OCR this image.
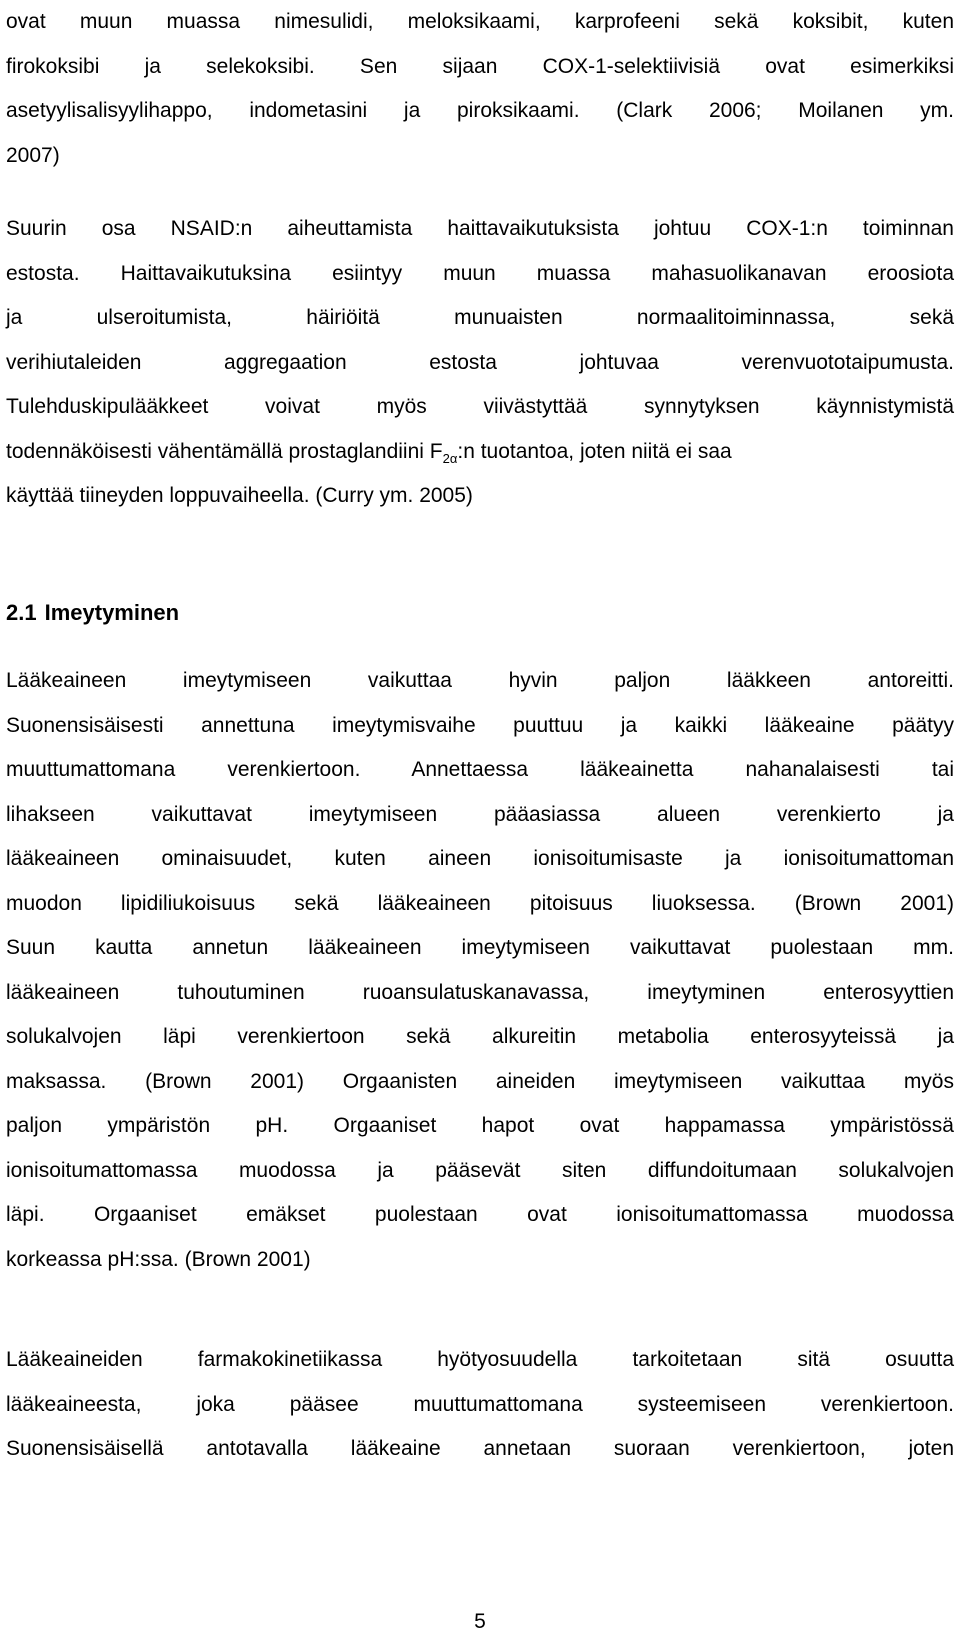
ovat muun muassa nimesulidi, meloksikaami, karprofeeni sekä koksibit, kuten
firokoksibi ja selekoksibi. Sen sijaan COX-1-selektiivisiä ovat esimerkiksi
asetyylisalisyylihappo, indometasini ja piroksikaami. (Clark 2006; Moilanen ym.
2007)
Suurin osa NSAID:n aiheuttamista haittavaikutuksista johtuu COX-1:n toiminnan
estosta. Haittavaikutuksina esiintyy muun muassa mahasuolikanavan eroosiota
ja ulseroitumista, häiriöitä munuaisten normaalitoiminnassa, sekä
verihiutaleiden aggregaation estosta johtuvaa verenvuototaipumusta.
Tulehduskipulääkkeet voivat myös viivästyttää synnytyksen käynnistymistä
todennäköisesti vähentämällä prostaglandiini $F_{2\alpha}:n$ tuotantoa, joten niitä ei saa
käyttää tiineyden loppuvaiheella. (Curry ym. 2005)
2.1 Imeytyminen
Lääkeaineen imeytymiseen vaikuttaa hyvin paljon lääkkeen antoreitti.
Suonensisäisesti annettuna imeytymisvaihe puuttuu ja kaikki lääkeaine päätyy
muuttumattomana verenkiertoon. Annettaessa lääkeainetta nahanalaisesti tai
lihakseen vaikuttavat imeytymiseen pääasiassa alueen verenkierto ja
lääkeaineen ominaisuudet, kuten aineen ionisoitumisaste ja ionisoitumattoman
muodon lipidiliukoisuus sekä lääkeaineen pitoisuus liuoksessa. (Brown 2001)
Suun kautta annetun lääkeaineen imeytymiseen vaikuttavat puolestaan mm.
lääkeaineen tuhoutuminen ruoansulatuskanavassa, imeytyminen enterosyyttien
solukalvojen läpi verenkiertoon sekä alkureitin metabolia enterosyyteissä ja
maksassa. (Brown 2001) Orgaanisten aineiden imeytymiseen vaikuttaa myös
paljon ympäristön pH. Orgaaniset hapot ovat happamassa ympäristössä
ionisoitumattomassa muodossa ja pääsevät siten diffundoitumaan solukalvojen
läpi. Orgaaniset emäkset puolestaan ovat ionisoitumattomassa muodossa
korkeassa pH:ssa. (Brown 2001)
Lääkeaineiden farmakokinetiikassa hyötyosuudella tarkoitetaan sitä osuutta
lääkeaineesta, joka pääsee muuttumattomana systeemiseen verenkiertoon.
Suonensisäisellä antotavalla lääkeaine annetaan suoraan verenkiertoon, joten
5
